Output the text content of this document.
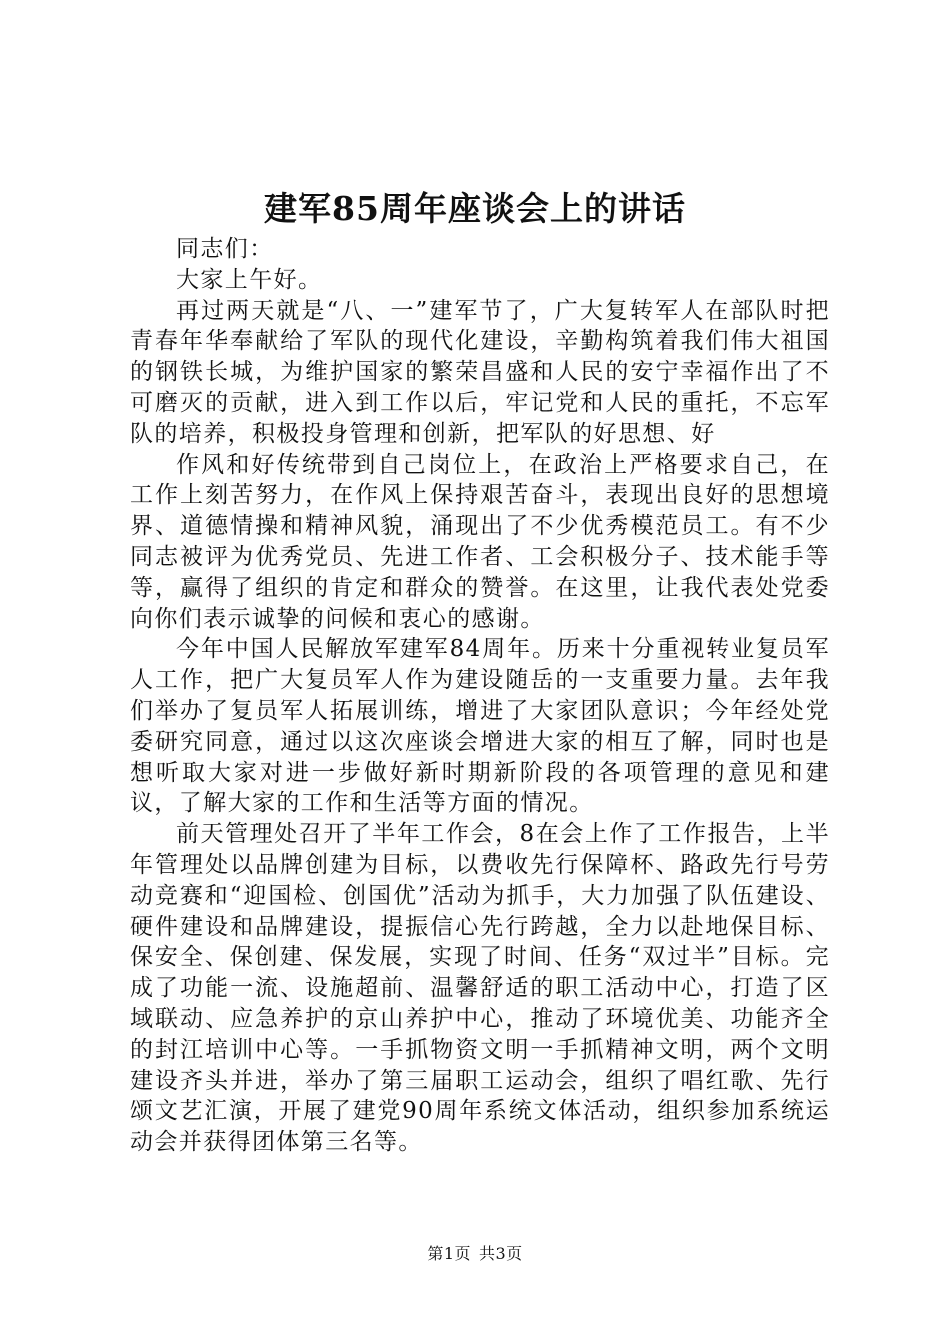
建军85周年座谈会上的讲话

同志们：

大家上午好。

再过两天就是“八、一”建军节了，广大复转军人在部队时把青春年华奉献给了军队的现代化建设，辛勤构筑着我们伟大祖国的钢铁长城，为维护国家的繁荣昌盛和人民的安宁幸福作出了不可磨灭的贡献，进入到工作以后，牢记党和人民的重托，不忘军队的培养，积极投身管理和创新，把军队的好思想、好

作风和好传统带到自己岗位上，在政治上严格要求自己，在工作上刻苦努力，在作风上保持艰苦奋斗，表现出良好的思想境界、道德情操和精神风貌，涌现出了不少优秀模范员工。有不少同志被评为优秀党员、先进工作者、工会积极分子、技术能手等等，赢得了组织的肯定和群众的赞誉。在这里，让我代表处党委向你们表示诚挚的问候和衷心的感谢。

今年中国人民解放军建军84周年。历来十分重视转业复员军人工作，把广大复员军人作为建设随岳的一支重要力量。去年我们举办了复员军人拓展训练，增进了大家团队意识；今年经处党委研究同意，通过以这次座谈会增进大家的相互了解，同时也是想听取大家对进一步做好新时期新阶段的各项管理的意见和建议，了解大家的工作和生活等方面的情况。

前天管理处召开了半年工作会，8在会上作了工作报告，上半年管理处以品牌创建为目标，以费收先行保障杯、路政先行号劳动竞赛和“迎国检、创国优”活动为抓手，大力加强了队伍建设、硬件建设和品牌建设，提振信心先行跨越，全力以赴地保目标、保安全、保创建、保发展，实现了时间、任务“双过半”目标。完成了功能一流、设施超前、温馨舒适的职工活动中心，打造了区域联动、应急养护的京山养护中心，推动了环境优美、功能齐全的封江培训中心等。一手抓物资文明一手抓精神文明，两个文明建设齐头并进，举办了第三届职工运动会，组织了唱红歌、先行颂文艺汇演，开展了建党90周年系统文体活动，组织参加系统运动会并获得团体第三名等。

第1页 共3页
